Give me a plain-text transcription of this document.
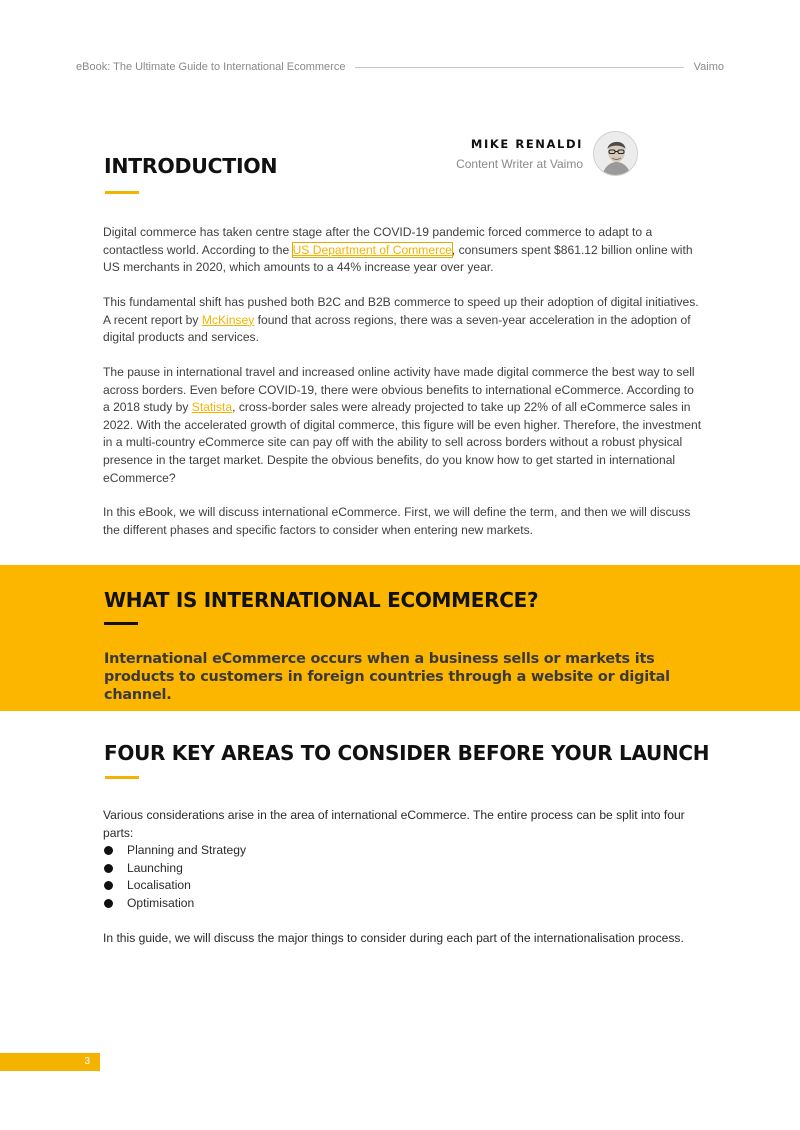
eBook: The Ultimate Guide to International Ecommerce	Vaimo
MIKE RENALDI
Content Writer at Vaimo
INTRODUCTION

Digital commerce has taken centre stage after the COVID-19 pandemic forced commerce to adapt to a contactless world. According to the US Department of Commerce, consumers spent $861.12 billion online with US merchants in 2020, which amounts to a 44% increase year over year.

This fundamental shift has pushed both B2C and B2B commerce to speed up their adoption of digital initiatives. A recent report by McKinsey found that across regions, there was a seven-year acceleration in the adoption of digital products and services.

The pause in international travel and increased online activity have made digital commerce the best way to sell across borders. Even before COVID-19, there were obvious benefits to international eCommerce. According to a 2018 study by Statista, cross-border sales were already projected to take up 22% of all eCommerce sales in 2022. With the accelerated growth of digital commerce, this figure will be even higher. Therefore, the investment in a multi-country eCommerce site can pay off with the ability to sell across borders without a robust physical presence in the target market. Despite the obvious benefits, do you know how to get started in international eCommerce?

In this eBook, we will discuss international eCommerce. First, we will define the term, and then we will discuss the different phases and specific factors to consider when entering new markets.

WHAT IS INTERNATIONAL ECOMMERCE?
International eCommerce occurs when a business sells or markets its products to customers in foreign countries through a website or digital channel.
FOUR KEY AREAS TO CONSIDER BEFORE YOUR LAUNCH

Various considerations arise in the area of international eCommerce. The entire process can be split into four parts:

Planning and Strategy
Launching
Localisation
Optimisation

In this guide, we will discuss the major things to consider during each part of the internationalisation process.

3
